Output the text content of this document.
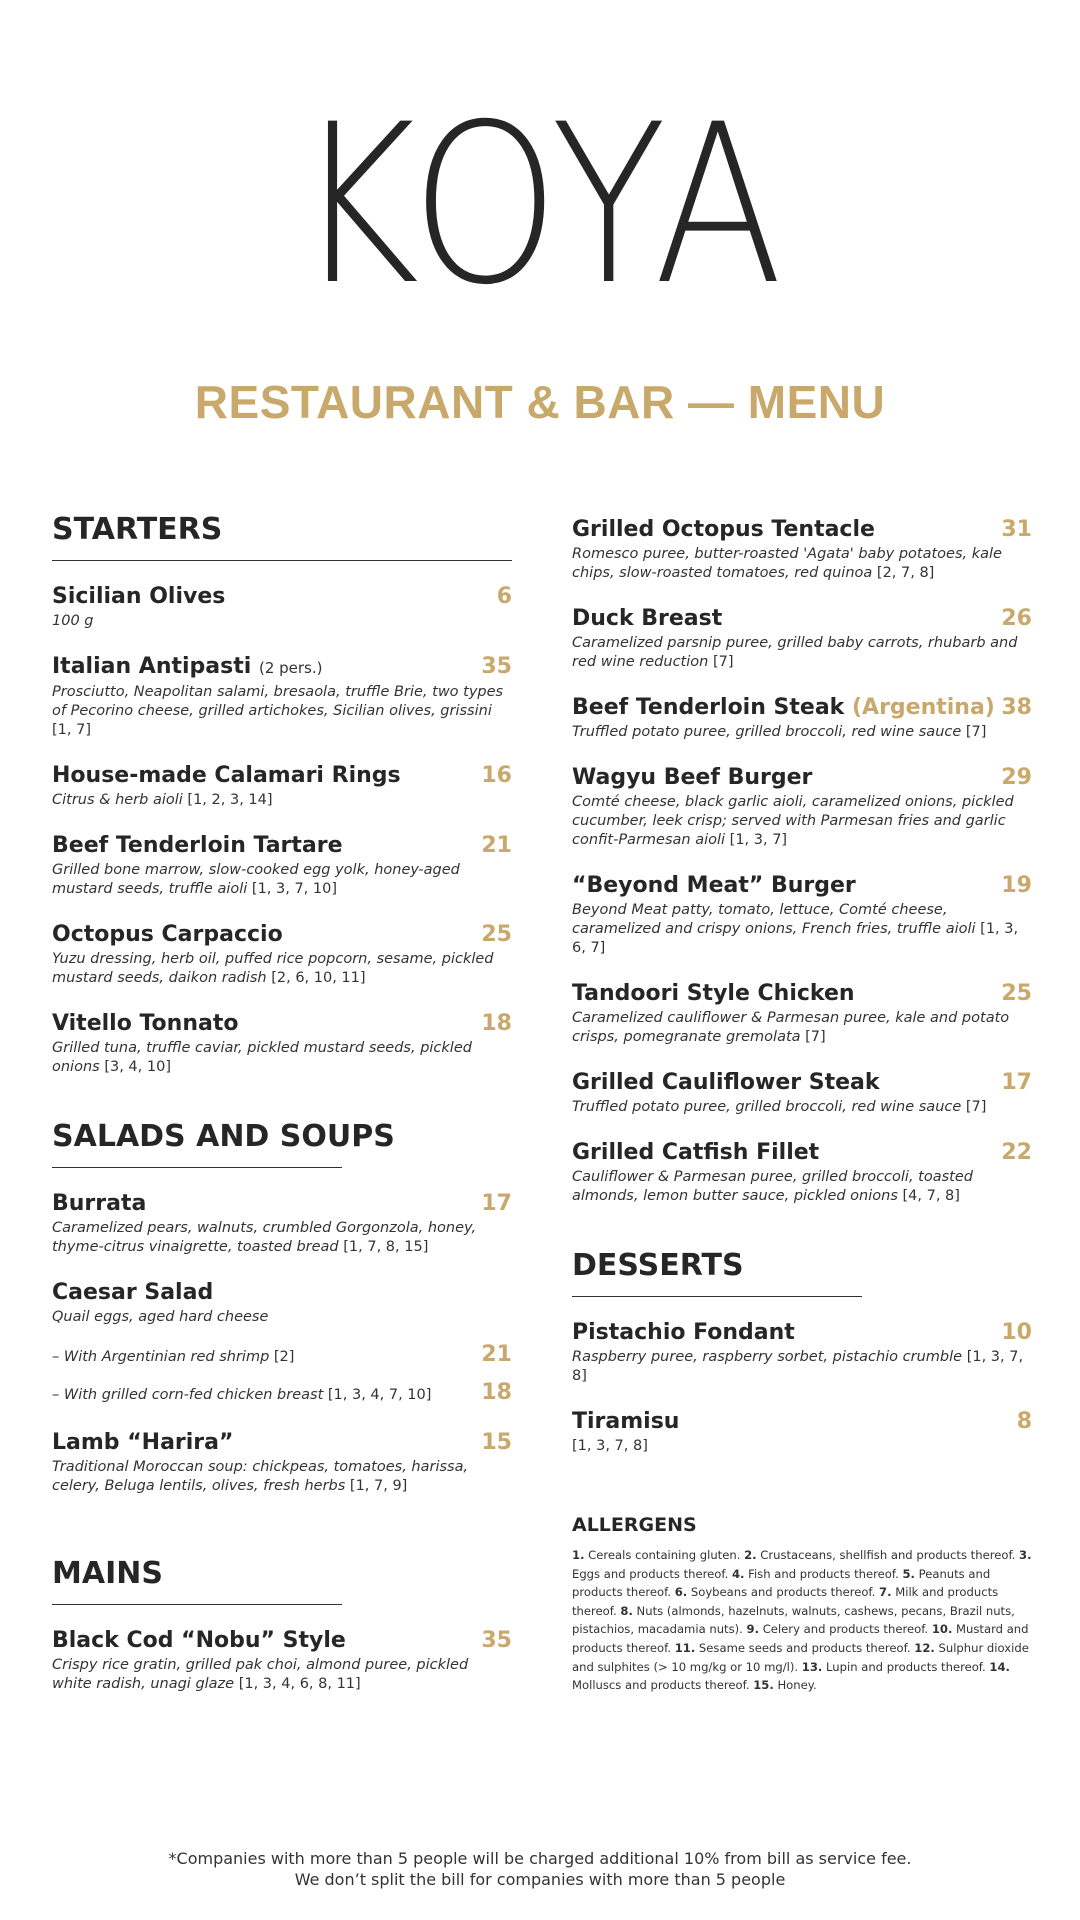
KOYA
RESTAURANT & BAR — MENU
STARTERS
Sicilian Olives	6
100 g
Italian Antipasti (2 pers.)	35
Prosciutto, Neapolitan salami, bresaola, truffle Brie, two types of Pecorino cheese, grilled artichokes, Sicilian olives, grissini [1, 7]
House-made Calamari Rings	16
Citrus & herb aioli [1, 2, 3, 14]
Beef Tenderloin Tartare	21
Grilled bone marrow, slow-cooked egg yolk, honey-aged mustard seeds, truffle aioli [1, 3, 7, 10]
Octopus Carpaccio	25
Yuzu dressing, herb oil, puffed rice popcorn, sesame, pickled mustard seeds, daikon radish [2, 6, 10, 11]
Vitello Tonnato	18
Grilled tuna, truffle caviar, pickled mustard seeds, pickled onions [3, 4, 10]
SALADS AND SOUPS
Burrata	17
Caramelized pears, walnuts, crumbled Gorgonzola, honey, thyme-citrus vinaigrette, toasted bread [1, 7, 8, 15]
Caesar Salad
Quail eggs, aged hard cheese
– With Argentinian red shrimp [2]	21
– With grilled corn-fed chicken breast [1, 3, 4, 7, 10] 18
Lamb “Harira”	15
Traditional Moroccan soup: chickpeas, tomatoes, harissa, celery, Beluga lentils, olives, fresh herbs [1, 7, 9]
MAINS
Black Cod “Nobu” Style	35
Crispy rice gratin, grilled pak choi, almond puree, pickled white radish, unagi glaze [1, 3, 4, 6, 8, 11]
Grilled Octopus Tentacle	31
Romesco puree, butter-roasted 'Agata' baby potatoes, kale chips, slow-roasted tomatoes, red quinoa [2, 7, 8]
Duck Breast	26
Caramelized parsnip puree, grilled baby carrots, rhubarb and red wine reduction [7]
Beef Tenderloin Steak (Argentina) 38
Truffled potato puree, grilled broccoli, red wine sauce [7]
Wagyu Beef Burger	29
Comté cheese, black garlic aioli, caramelized onions, pickled cucumber, leek crisp; served with Parmesan fries and garlic confit-Parmesan aioli [1, 3, 7]
“Beyond Meat” Burger	19
Beyond Meat patty, tomato, lettuce, Comté cheese, caramelized and crispy onions, French fries, truffle aioli [1, 3, 6, 7]
Tandoori Style Chicken	25
Caramelized cauliflower & Parmesan puree, kale and potato crisps, pomegranate gremolata [7]
Grilled Cauliflower Steak	17
Truffled potato puree, grilled broccoli, red wine sauce [7]
Grilled Catfish Fillet	22
Cauliflower & Parmesan puree, grilled broccoli, toasted almonds, lemon butter sauce, pickled onions [4, 7, 8]
DESSERTS
Pistachio Fondant	10
Raspberry puree, raspberry sorbet, pistachio crumble [1, 3, 7, 8]
Tiramisu	8
[1, 3, 7, 8]
ALLERGENS
1. Cereals containing gluten. 2. Crustaceans, shellfish and products thereof. 3. Eggs and products thereof. 4. Fish and products thereof. 5. Peanuts and products thereof. 6. Soybeans and products thereof. 7. Milk and products thereof. 8. Nuts (almonds, hazelnuts, walnuts, cashews, pecans, Brazil nuts, pistachios, macadamia nuts). 9. Celery and products thereof. 10. Mustard and products thereof. 11. Sesame seeds and products thereof. 12. Sulphur dioxide and sulphites (> 10 mg/kg or 10 mg/l). 13. Lupin and products thereof. 14. Molluscs and products thereof. 15. Honey.
*Companies with more than 5 people will be charged additional 10% from bill as service fee.
We don’t split the bill for companies with more than 5 people
